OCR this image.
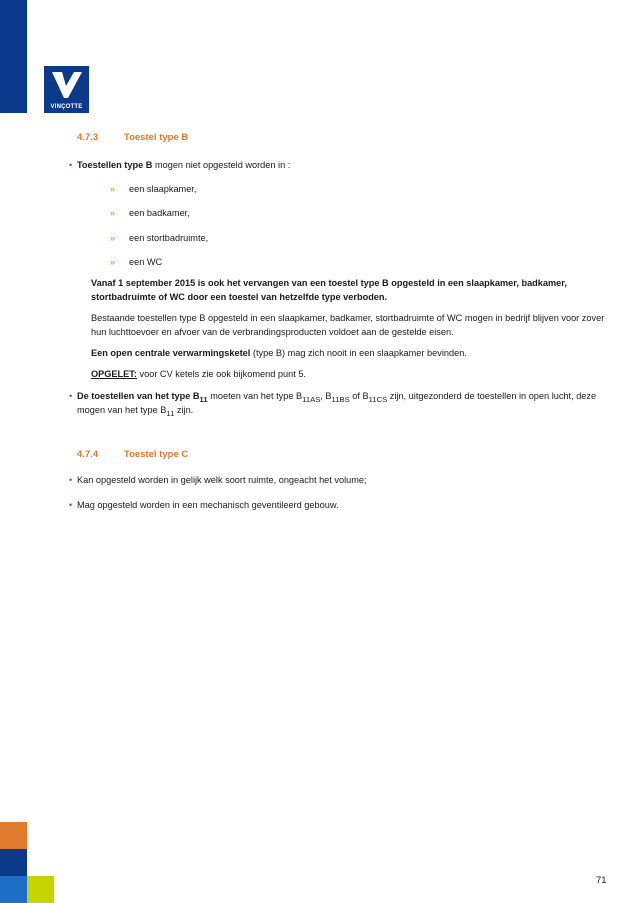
VINÇOTTE
4.7.3	Toestel type B
• Toestellen type B mogen niet opgesteld worden in :
» een slaapkamer,
» een badkamer,
» een stortbadruimte,
» een WC
Vanaf 1 september 2015 is ook het vervangen van een toestel type B opgesteld in een slaapkamer, badkamer, stortbadruimte of WC door een toestel van hetzelfde type verboden.
Bestaande toestellen type B opgesteld in een slaapkamer, badkamer, stortbadruimte of WC mogen in bedrijf blijven voor zover hun luchttoevoer en afvoer van de verbrandingsproducten voldoet aan de gestelde eisen.
Een open centrale verwarmingsketel (type B) mag zich nooit in een slaapkamer bevinden.
OPGELET: voor CV ketels zie ook bijkomend punt 5.
• De toestellen van het type $B_{11}$ moeten van het type $B_{11AS}$, $B_{11BS}$ of $B_{11CS}$ zijn, uitgezonderd de toestellen in open lucht, deze mogen van het type $B_{11}$ zijn.
4.7.4	Toestel type C
• Kan opgesteld worden in gelijk welk soort ruimte, ongeacht het volume;
• Mag opgesteld worden in een mechanisch geventileerd gebouw.
71
